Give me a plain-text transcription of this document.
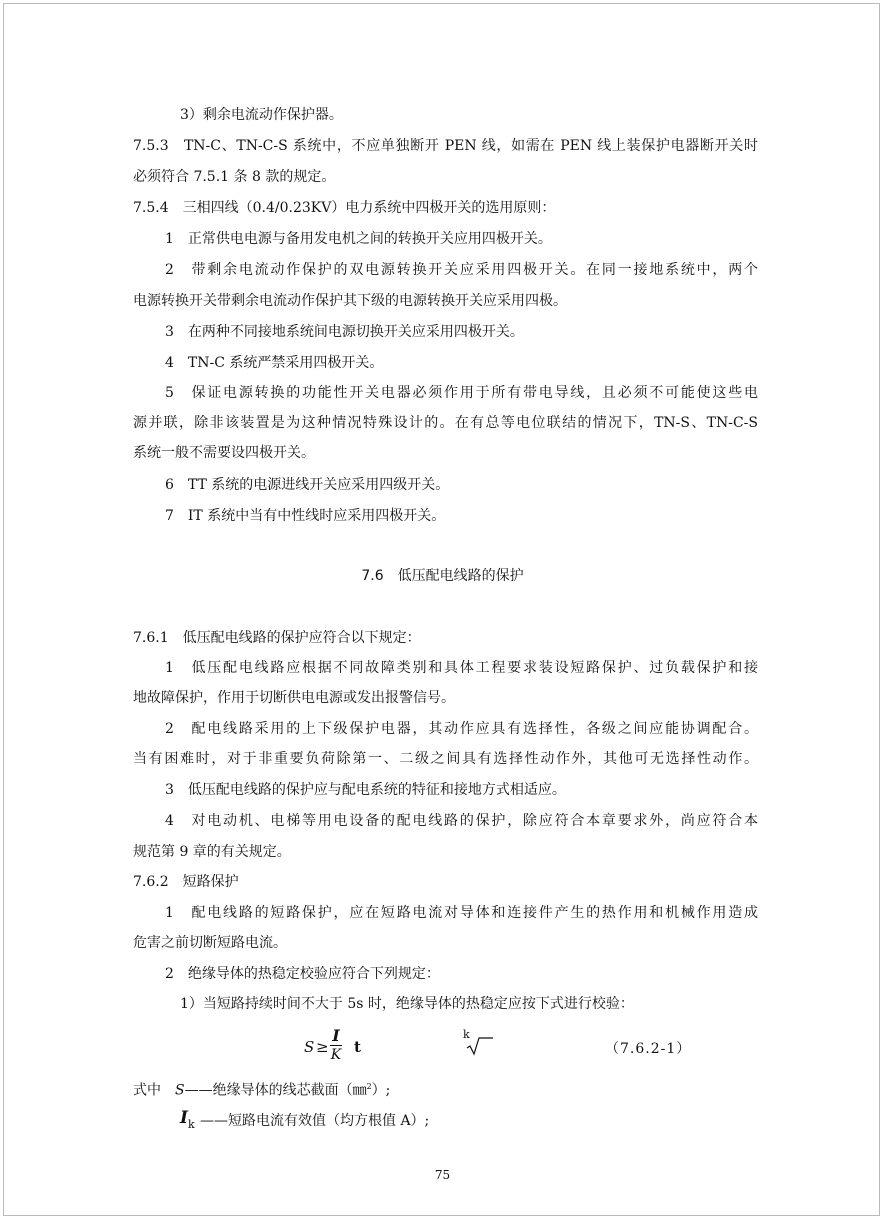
3）剩余电流动作保护器。
7.5.3　TN-C、TN-C-S 系统中，不应单独断开 PEN 线，如需在 PEN 线上装保护电器断开关时
必须符合 7.5.1 条 8 款的规定。
7.5.4　三相四线（0.4/0.23KV）电力系统中四极开关的选用原则：
1　正常供电电源与备用发电机之间的转换开关应用四极开关。
2　带剩余电流动作保护的双电源转换开关应采用四极开关。在同一接地系统中，两个
电源转换开关带剩余电流动作保护其下级的电源转换开关应采用四极。
3　在两种不同接地系统间电源切换开关应采用四极开关。
4　TN-C 系统严禁采用四极开关。
5　保证电源转换的功能性开关电器必须作用于所有带电导线，且必须不可能使这些电
源并联，除非该装置是为这种情况特殊设计的。在有总等电位联结的情况下，TN-S、TN-C-S
系统一般不需要设四极开关。
6　TT 系统的电源进线开关应采用四级开关。
7　IT 系统中当有中性线时应采用四极开关。
7.6　低压配电线路的保护
7.6.1　低压配电线路的保护应符合以下规定：
1　低压配电线路应根据不同故障类别和具体工程要求装设短路保护、过负载保护和接
地故障保护，作用于切断供电电源或发出报警信号。
2　配电线路采用的上下级保护电器，其动作应具有选择性，各级之间应能协调配合。
当有困难时，对于非重要负荷除第一、二级之间具有选择性动作外，其他可无选择性动作。
3　低压配电线路的保护应与配电系统的特征和接地方式相适应。
4　对电动机、电梯等用电设备的配电线路的保护，除应符合本章要求外，尚应符合本
规范第 9 章的有关规定。
7.6.2　短路保护
1　配电线路的短路保护，应在短路电流对导体和连接件产生的热作用和机械作用造成
危害之前切断短路电流。
2　绝缘导体的热稳定校验应符合下列规定：
1）当短路持续时间不大于 5s 时，绝缘导体的热稳定应按下式进行校验：
S ≥
I
K t
k
（7.6.2-1）
式中　S——绝缘导体的线芯截面（㎜$^2$）;
I k ——短路电流有效值（均方根值 A）;
75
